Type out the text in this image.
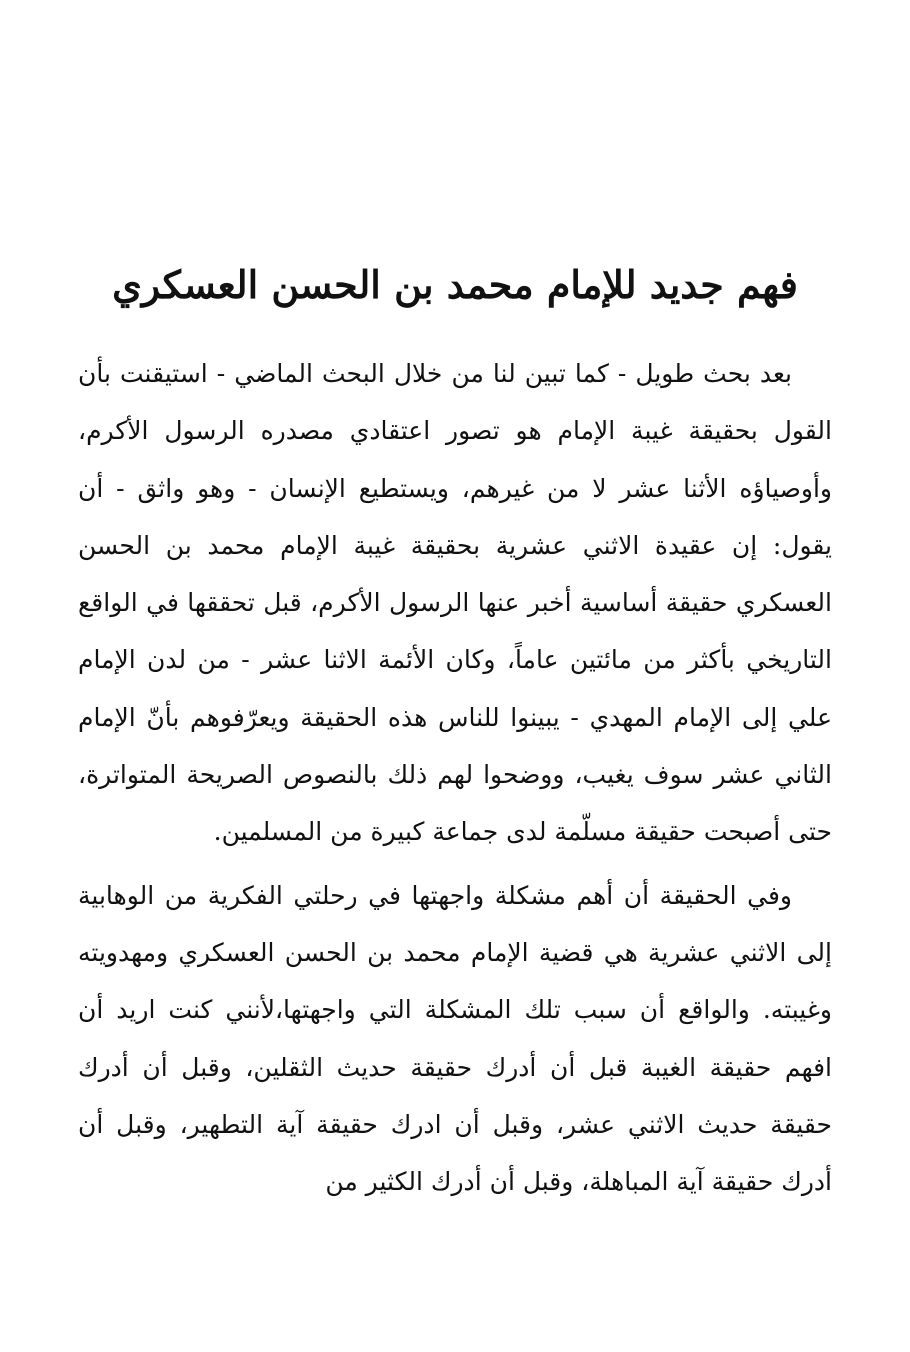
فهم جديد للإمام محمد بن الحسن العسكري

بعد بحث طويل - كما تبين لنا من خلال البحث الماضي - استيقنت بأن القول بحقيقة غيبة الإمام هو تصور اعتقادي مصدره الرسول الأكرم، وأوصياؤه الأثنا عشر لا من غيرهم، ويستطيع الإنسان - وهو واثق - أن يقول: إن عقيدة الاثني عشرية بحقيقة غيبة الإمام محمد بن الحسن العسكري حقيقة أساسية أخبر عنها الرسول الأكرم، قبل تحققها في الواقع التاريخي بأكثر من مائتين عاماً، وكان الأئمة الاثنا عشر - من لدن الإمام علي إلى الإمام المهدي - يبينوا للناس هذه الحقيقة ويعرّفوهم بأنّ الإمام الثاني عشر سوف يغيب، ووضحوا لهم ذلك بالنصوص الصريحة المتواترة، حتى أصبحت حقيقة مسلّمة لدى جماعة كبيرة من المسلمين.

وفي الحقيقة أن أهم مشكلة واجهتها في رحلتي الفكرية من الوهابية إلى الاثني عشرية هي قضية الإمام محمد بن الحسن العسكري ومهدويته وغيبته. والواقع أن سبب تلك المشكلة التي واجهتها،لأنني كنت اريد أن افهم حقيقة الغيبة قبل أن أدرك حقيقة حديث الثقلين، وقبل أن أدرك حقيقة حديث الاثني عشر، وقبل أن ادرك حقيقة آية التطهير، وقبل أن أدرك حقيقة آية المباهلة، وقبل أن أدرك الكثير من
